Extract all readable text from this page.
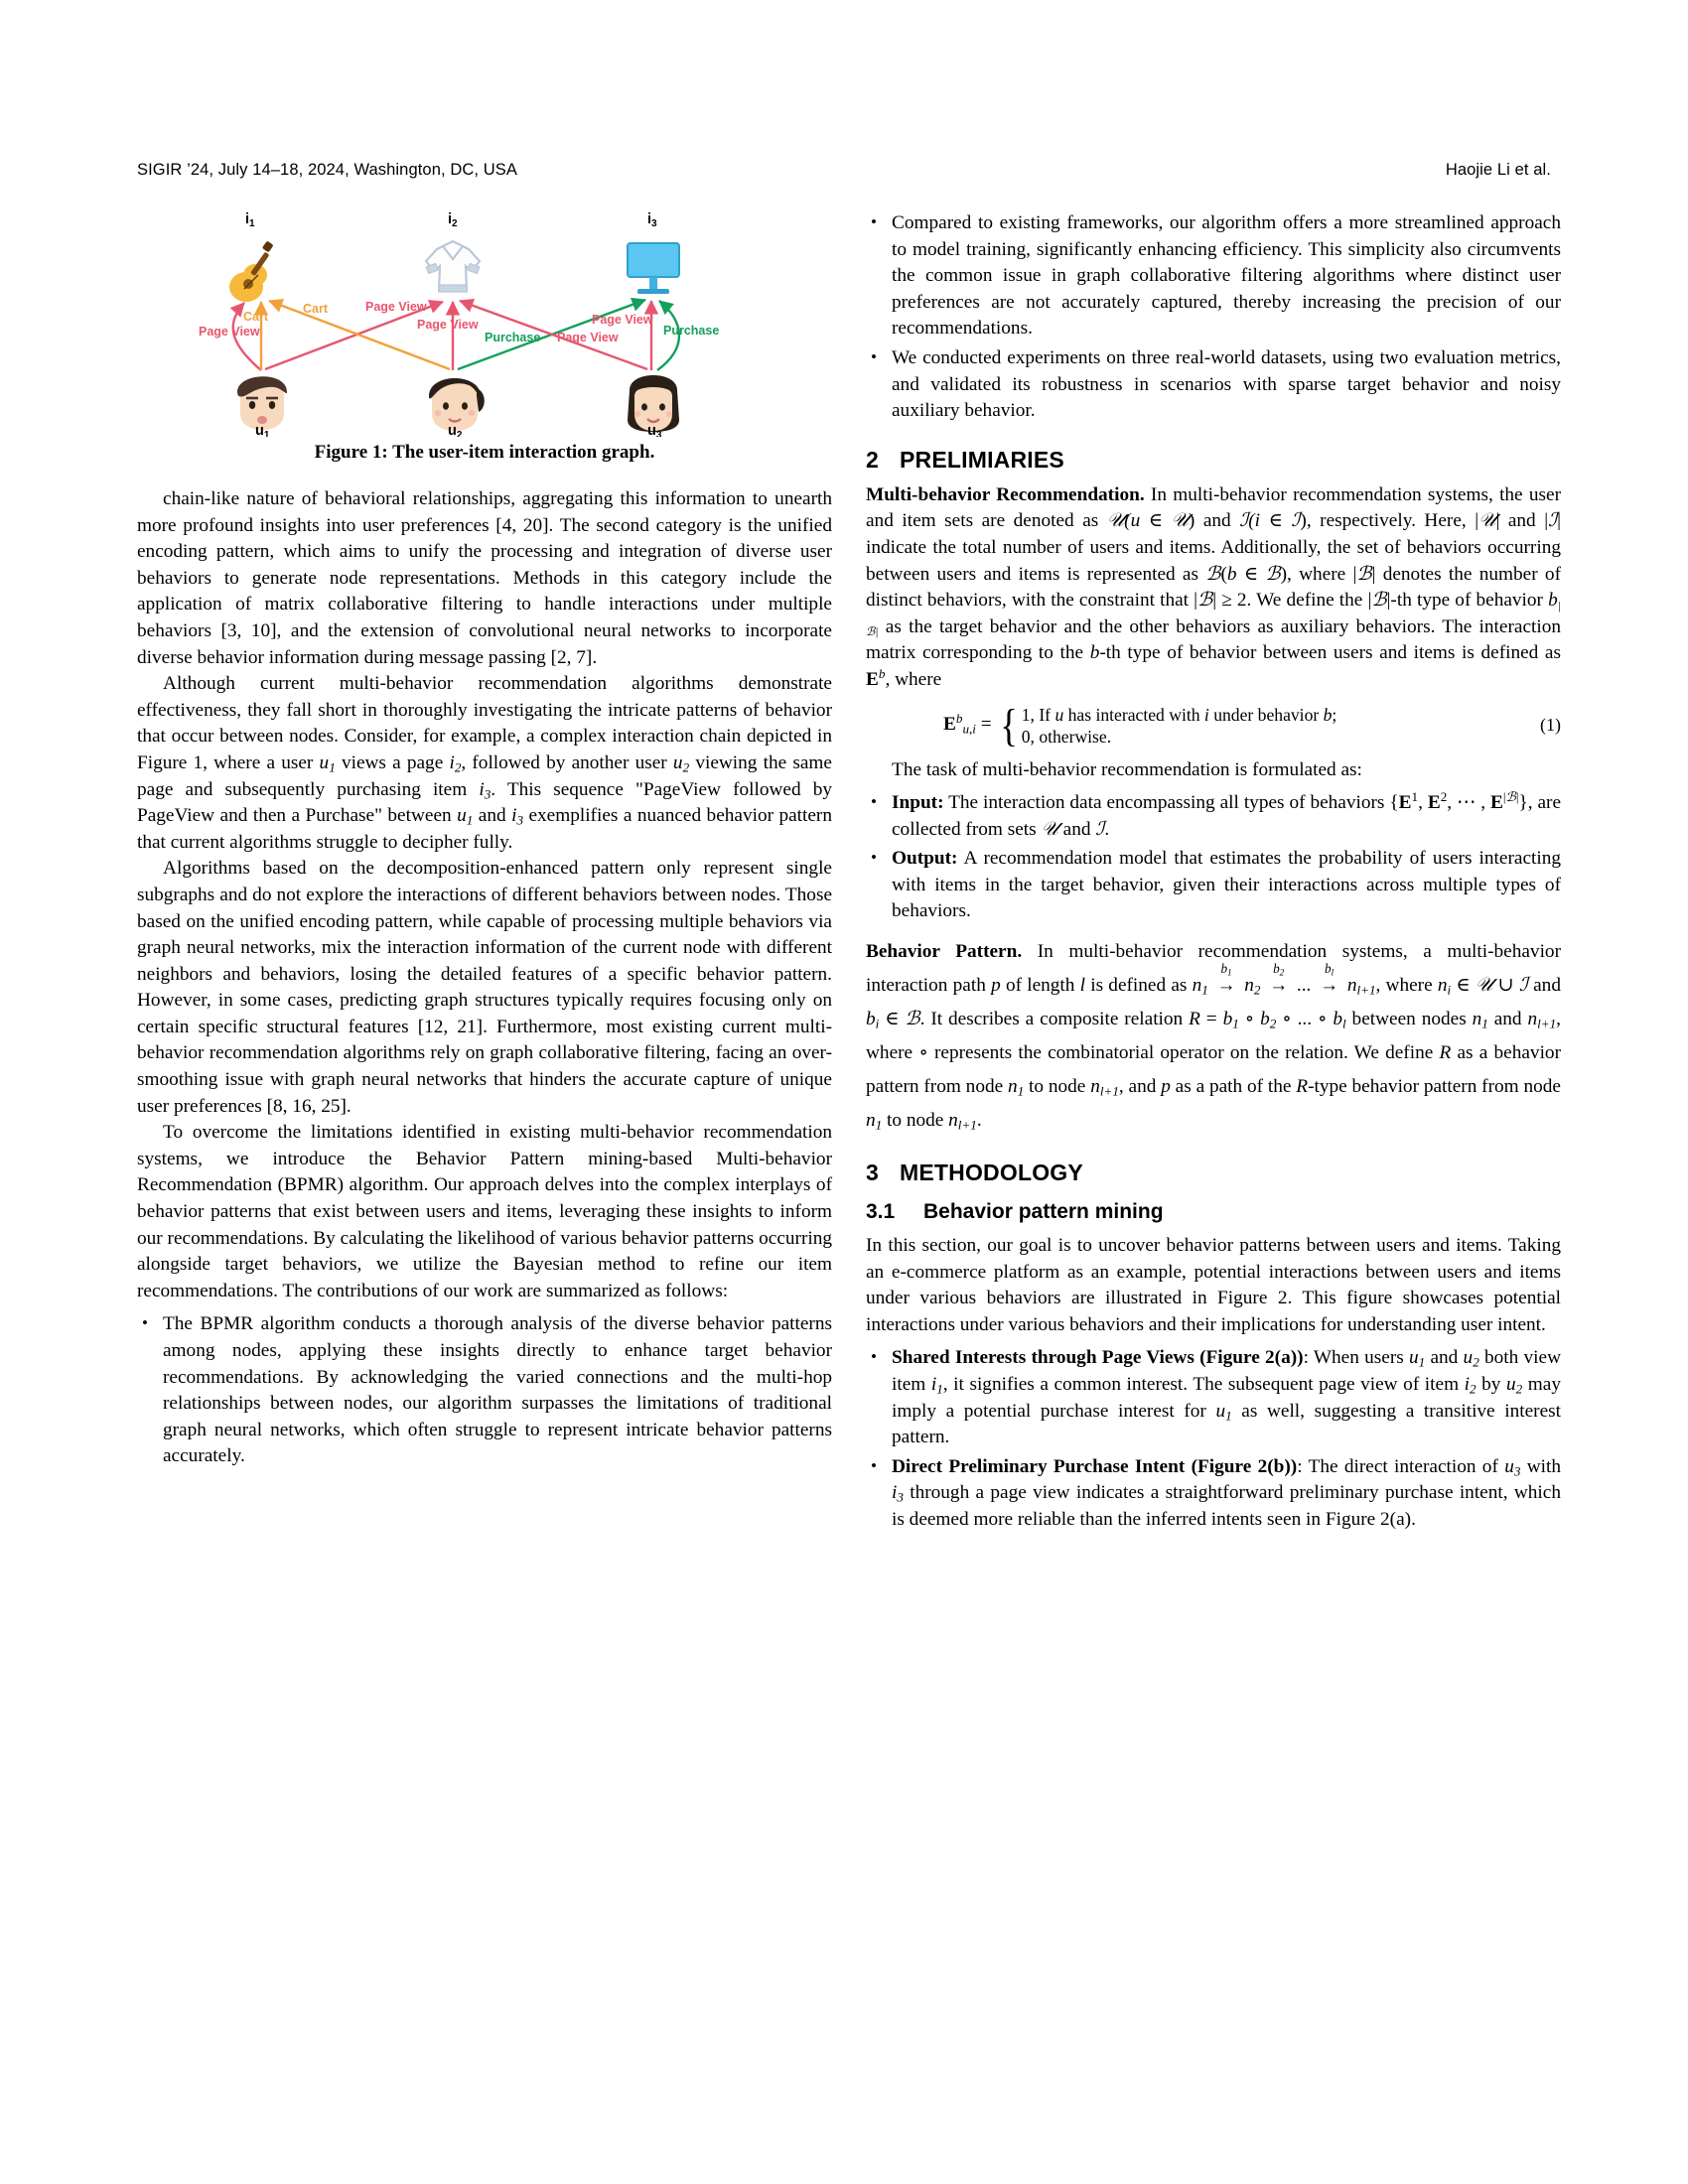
SIGIR ’24, July 14–18, 2024, Washington, DC, USA	Haojie Li et al.
Page View
Cart
Cart	Page View
Page View
Purchase Page View
Page View
Purchase
$i_1$	$i_2$	$i_3$
$u_1$	$u_2$	$u_3$
Figure 1: The user-item interaction graph.

chain-like nature of behavioral relationships, aggregating this information to unearth more profound insights into user preferences [4, 20]. The second category is the unified encoding pattern, which aims to unify the processing and integration of diverse user behaviors to generate node representations. Methods in this category include the application of matrix collaborative filtering to handle interactions under multiple behaviors [3, 10], and the extension of convolutional neural networks to incorporate diverse behavior information during message passing [2, 7].

Although current multi-behavior recommendation algorithms demonstrate effectiveness, they fall short in thoroughly investigating the intricate patterns of behavior that occur between nodes. Consider, for example, a complex interaction chain depicted in Figure 1, where a user $u_1$ views a page $i_2$, followed by another user $u_2$ viewing the same page and subsequently purchasing item $i_3$. This sequence "PageView followed by PageView and then a Purchase" between $u_1$ and $i_3$ exemplifies a nuanced behavior pattern that current algorithms struggle to decipher fully.

Algorithms based on the decomposition-enhanced pattern only represent single subgraphs and do not explore the interactions of different behaviors between nodes. Those based on the unified encoding pattern, while capable of processing multiple behaviors via graph neural networks, mix the interaction information of the current node with different neighbors and behaviors, losing the detailed features of a specific behavior pattern. However, in some cases, predicting graph structures typically requires focusing only on certain specific structural features [12, 21]. Furthermore, most existing current multi-behavior recommendation algorithms rely on graph collaborative filtering, facing an over-smoothing issue with graph neural networks that hinders the accurate capture of unique user preferences [8, 16, 25].

To overcome the limitations identified in existing multi-behavior recommendation systems, we introduce the Behavior Pattern mining-based Multi-behavior Recommendation (BPMR) algorithm. Our approach delves into the complex interplays of behavior patterns that exist between users and items, leveraging these insights to inform our recommendations. By calculating the likelihood of various behavior patterns occurring alongside target behaviors, we utilize the Bayesian method to refine our item recommendations. The contributions of our work are summarized as follows:

• The BPMR algorithm conducts a thorough analysis of the diverse behavior patterns among nodes, applying these insights directly to enhance target behavior recommendations. By acknowledging the varied connections and the multi-hop relationships between nodes, our algorithm surpasses the limitations of traditional graph neural networks, which often struggle to represent intricate behavior patterns accurately.
• Compared to existing frameworks, our algorithm offers a more streamlined approach to model training, significantly enhancing efficiency. This simplicity also circumvents the common issue in graph collaborative filtering algorithms where distinct user preferences are not accurately captured, thereby increasing the precision of our recommendations.
• We conducted experiments on three real-world datasets, using two evaluation metrics, and validated its robustness in scenarios with sparse target behavior and noisy auxiliary behavior.
2 PRELIMIARIES

Multi-behavior Recommendation. In multi-behavior recommendation systems, the user and item sets are denoted as 𝒰(u ∈ 𝒰) and ℐ(i ∈ ℐ), respectively. Here, |𝒰| and |ℐ| indicate the total number of users and items. Additionally, the set of behaviors occurring between users and items is represented as ℬ(b ∈ ℬ), where |ℬ| denotes the number of distinct behaviors, with the constraint that |ℬ| ≥ 2. We define the |ℬ|-th type of behavior $b_{|ℬ|}$ as the target behavior and the other behaviors as auxiliary behaviors. The interaction matrix corresponding to the b-th type of behavior between users and items is defined as $E^b$, where

$E^b_{u,i}$ = { 1, If u has interacted with i under behavior b;
0, otherwise.
(1)

The task of multi-behavior recommendation is formulated as:

• Input: The interaction data encompassing all types of behaviors {$E^1$, $E^2$, ⋯ , $E^{|ℬ|}$}, are collected from sets 𝒰 and ℐ.
• Output: A recommendation model that estimates the probability of users interacting with items in the target behavior, given their interactions across multiple types of behaviors.

Behavior Pattern. In multi-behavior recommendation systems, a multi-behavior interaction path p of length l is defined as $n_1$
$b_1$
→ $n_2$
$b_2$
→ ...
$b_l$
→ $n_{l+1}$, where $n_i$ ∈ 𝒰 ∪ ℐ and $b_i$ ∈ ℬ. It describes a composite relation $R = b_1$ ∘ $b_2$ ∘ ... ∘ $b_l$ between nodes $n_1$ and $n_{l+1}$, where ∘ represents the combinatorial operator on the relation. We define R as a behavior pattern from node $n_1$ to node $n_{l+1}$, and p as a path of the R-type behavior pattern from node $n_1$ to node $n_{l+1}$.

3 METHODOLOGY
3.1 Behavior pattern mining

In this section, our goal is to uncover behavior patterns between users and items. Taking an e-commerce platform as an example, potential interactions between users and items under various behaviors are illustrated in Figure 2. This figure showcases potential interactions under various behaviors and their implications for understanding user intent.

• Shared Interests through Page Views (Figure 2(a)): When users $u_1$ and $u_2$ both view item $i_1$, it signifies a common interest. The subsequent page view of item $i_2$ by $u_2$ may imply a potential purchase interest for $u_1$ as well, suggesting a transitive interest pattern.
• Direct Preliminary Purchase Intent (Figure 2(b)): The direct interaction of $u_3$ with $i_3$ through a page view indicates a straightforward preliminary purchase intent, which is deemed more reliable than the inferred intents seen in Figure 2(a).
